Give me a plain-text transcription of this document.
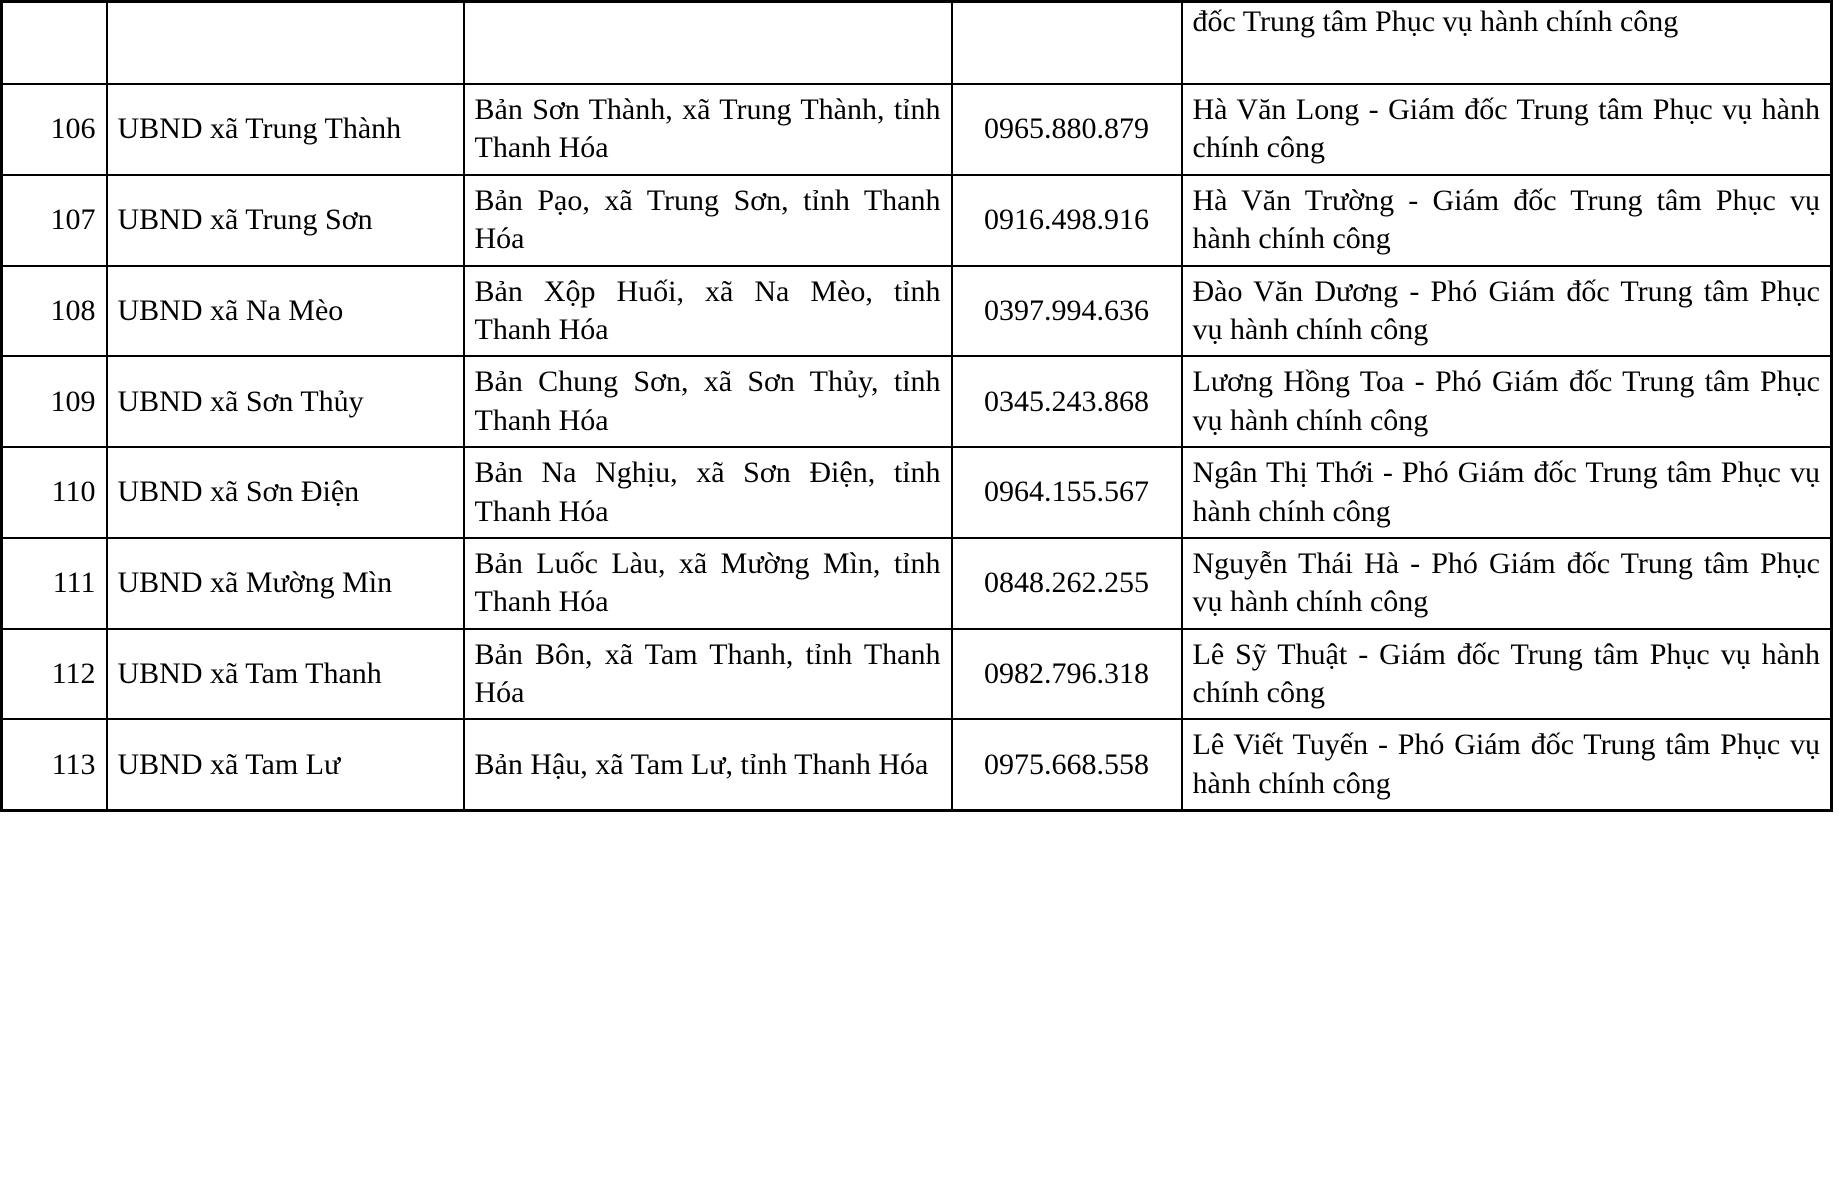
				đốc Trung tâm Phục vụ hành chính công
106	UBND xã Trung Thành	Bản Sơn Thành, xã Trung Thành, tỉnh Thanh Hóa	0965.880.879	Hà Văn Long - Giám đốc Trung tâm Phục vụ hành chính công
107	UBND xã Trung Sơn	Bản Pạo, xã Trung Sơn, tỉnh Thanh Hóa	0916.498.916	Hà Văn Trường - Giám đốc Trung tâm Phục vụ hành chính công
108	UBND xã Na Mèo	Bản Xộp Huối, xã Na Mèo, tỉnh Thanh Hóa	0397.994.636	Đào Văn Dương - Phó Giám đốc Trung tâm Phục vụ hành chính công
109	UBND xã Sơn Thủy	Bản Chung Sơn, xã Sơn Thủy, tỉnh Thanh Hóa	0345.243.868	Lương Hồng Toa - Phó Giám đốc Trung tâm Phục vụ hành chính công
110	UBND xã Sơn Điện	Bản Na Nghịu, xã Sơn Điện, tỉnh Thanh Hóa	0964.155.567	Ngân Thị Thới - Phó Giám đốc Trung tâm Phục vụ hành chính công
111	UBND xã Mường Mìn	Bản Luốc Làu, xã Mường Mìn, tỉnh Thanh Hóa	0848.262.255	Nguyễn Thái Hà - Phó Giám đốc Trung tâm Phục vụ hành chính công
112	UBND xã Tam Thanh	Bản Bôn, xã Tam Thanh, tỉnh Thanh Hóa	0982.796.318	Lê Sỹ Thuật - Giám đốc Trung tâm Phục vụ hành chính công
113	UBND xã Tam Lư	Bản Hậu, xã Tam Lư, tỉnh Thanh Hóa	0975.668.558	Lê Viết Tuyến - Phó Giám đốc Trung tâm Phục vụ hành chính công
